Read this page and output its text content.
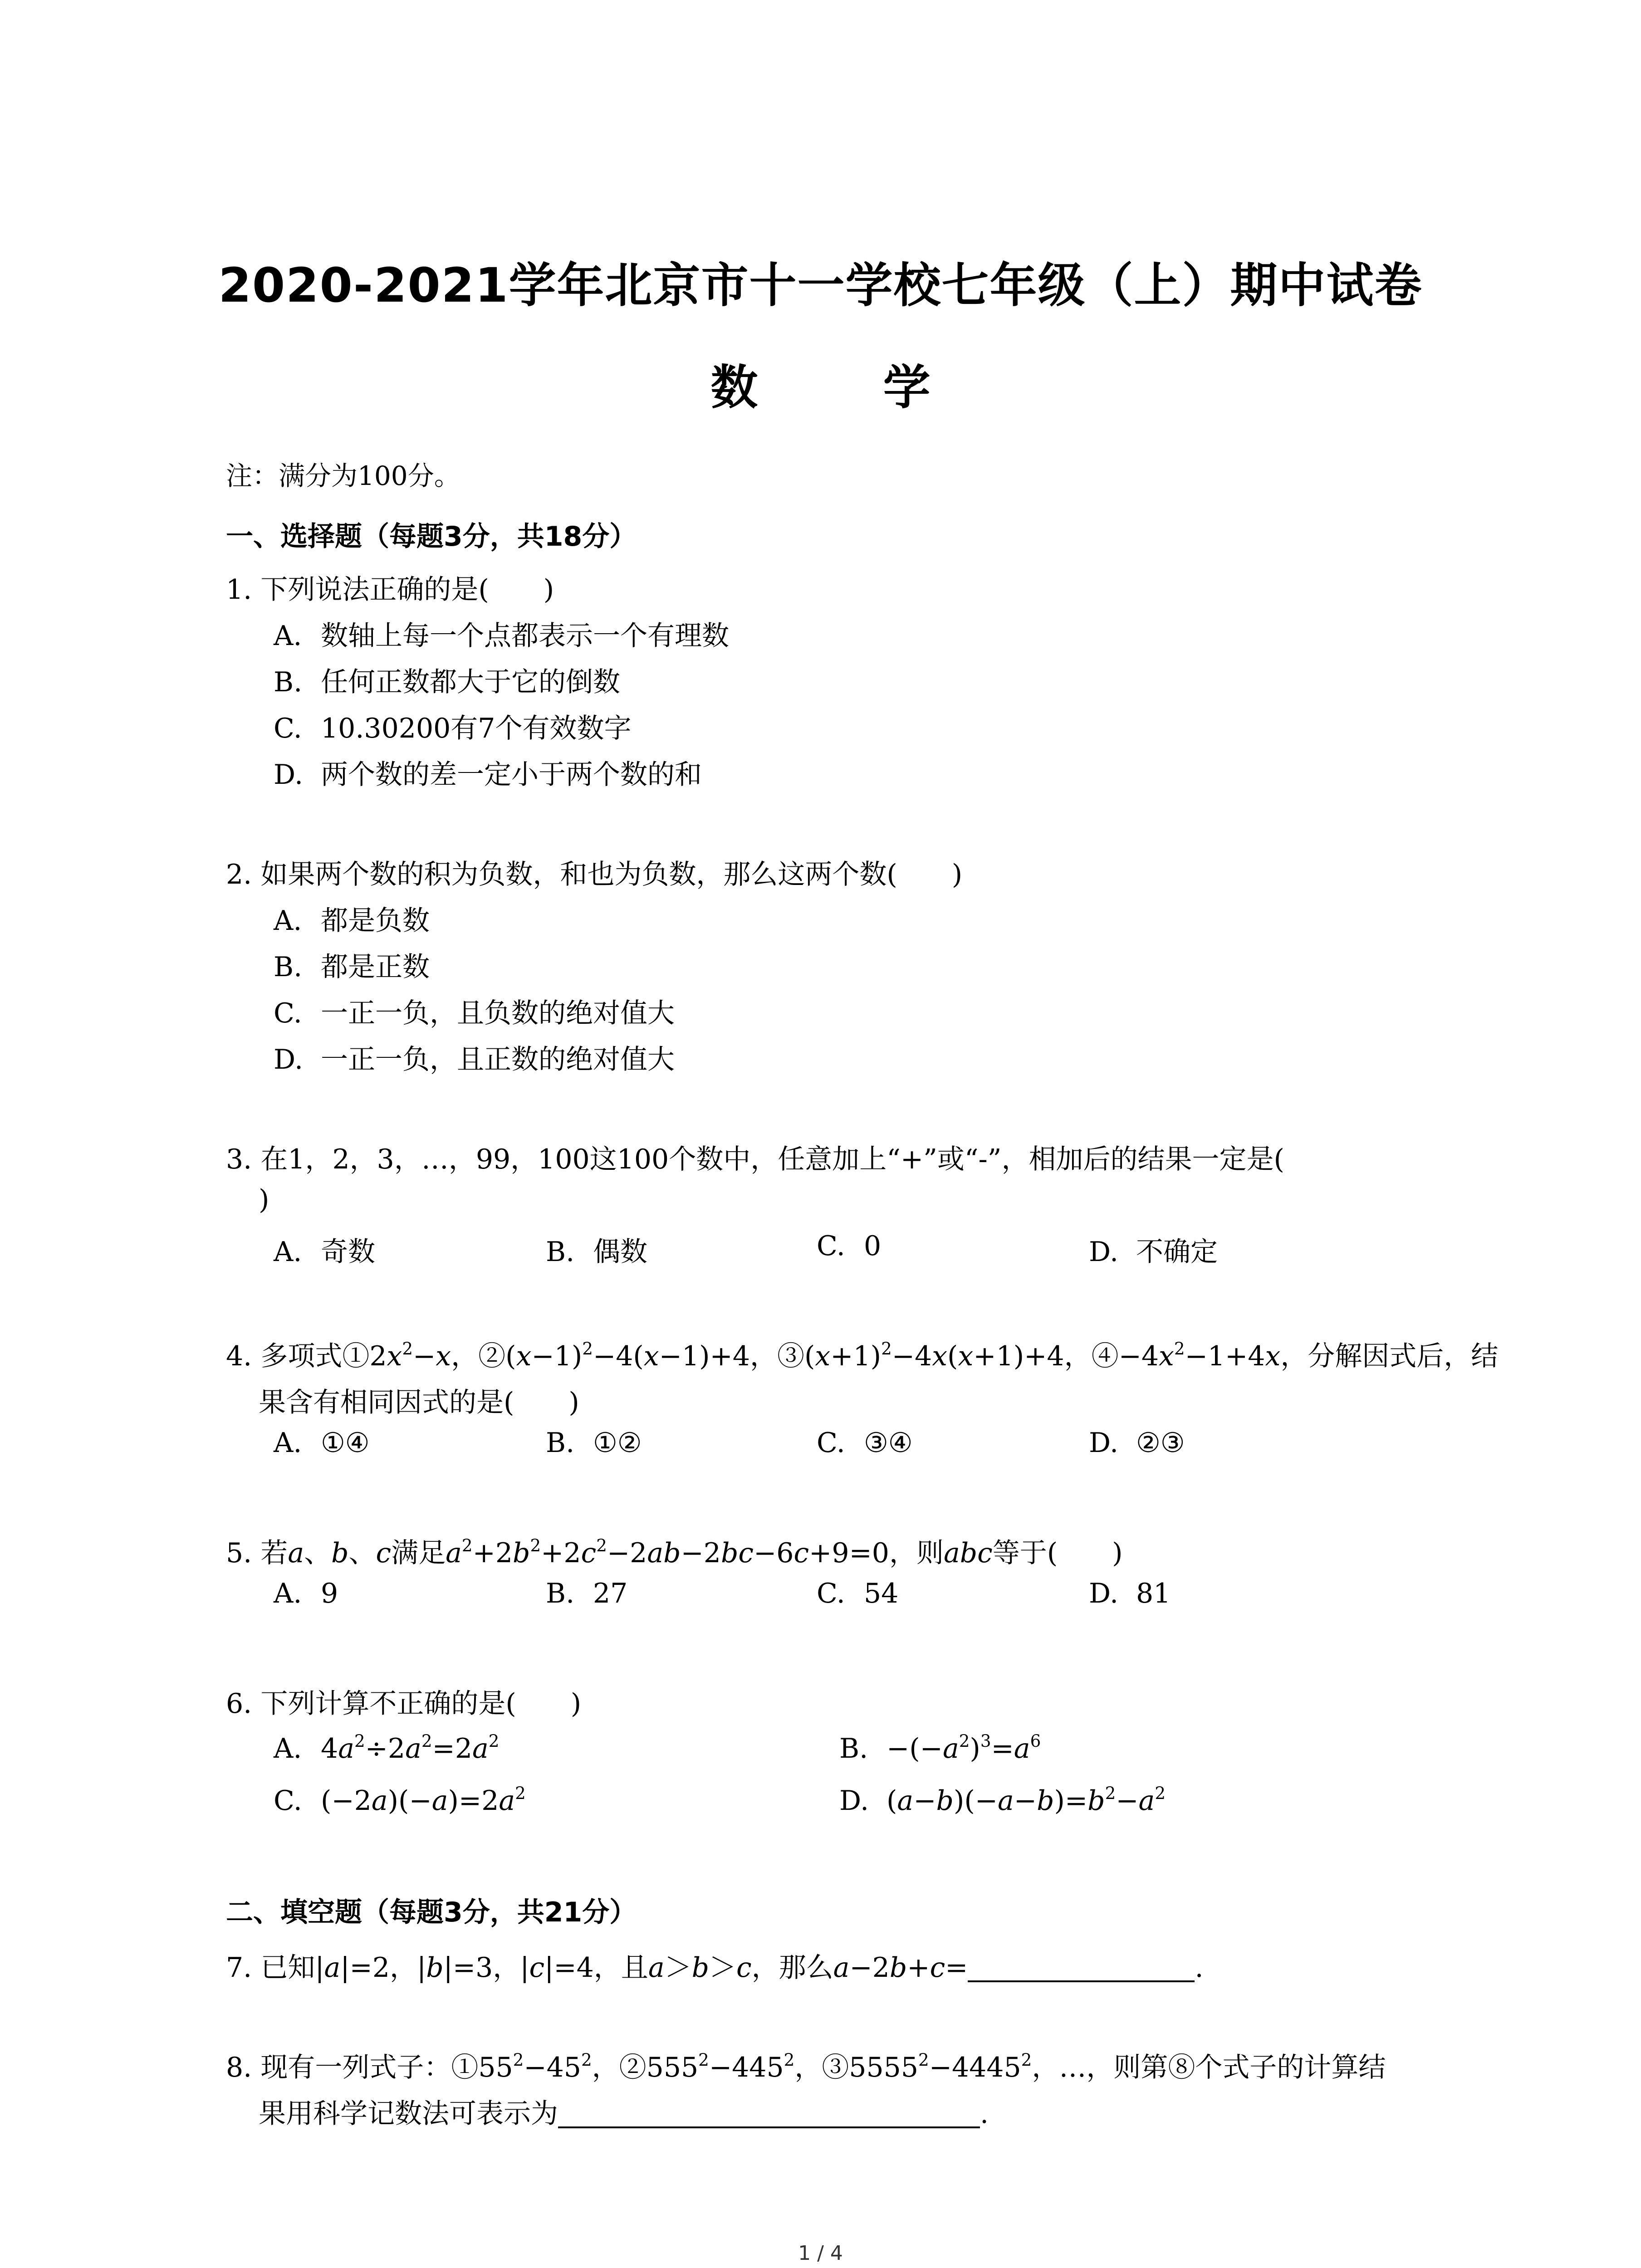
2020-2021学年北京市十一学校七年级（上）期中试卷
数 学
注：满分为100分。
一、选择题（每题3分，共18分）
1. 下列说法正确的是(　　)
A. 数轴上每一个点都表示一个有理数
B. 任何正数都大于它的倒数
C. 10.30200有7个有效数字
D. 两个数的差一定小于两个数的和
2. 如果两个数的积为负数，和也为负数，那么这两个数(　　)
A. 都是负数
B. 都是正数
C. 一正一负，且负数的绝对值大
D. 一正一负，且正数的绝对值大
3. 在1，2，3，…，99，100这100个数中，任意加上“+”或“-”，相加后的结果一定是(
)
A. 奇数	B. 偶数	C. 0	D. 不确定
4. 多项式$①2x^2-x$，$②(x-1)^2-4(x-1)+4$，$③(x+1)^2-4x(x+1)+4$，$④-4x^2-1+4x$，分解因式后，结
果含有相同因式的是(　　)
A. ①④	B. ①②	C. ③④	D. ②③
5. 若a、b、c满足$a^2+2b^2+2c^2-2ab-2bc-6c+9=0$，则abc等于(　　)
A. 9	B. 27	C. 54	D. 81
6. 下列计算不正确的是(　　)
A. $4a^2\div 2a^2=2a^2$	B. $-(-a^2)^3=a^6$
C. $(-2a)(-a)=2a^2$	D. $(a-b)(-a-b)=b^2-a^2$
二、填空题（每题3分，共21分）
7. 已知|a|=2，|b|=3，|c|=4，且a＞b＞c，那么a−2b+c=	.
8. 现有一列式子：$①55^2-45^2$，$②555^2-445^2$，$③5555^2-4445^2$，…，则第⑧个式子的计算结
果用科学记数法可表示为	.
1 / 4
